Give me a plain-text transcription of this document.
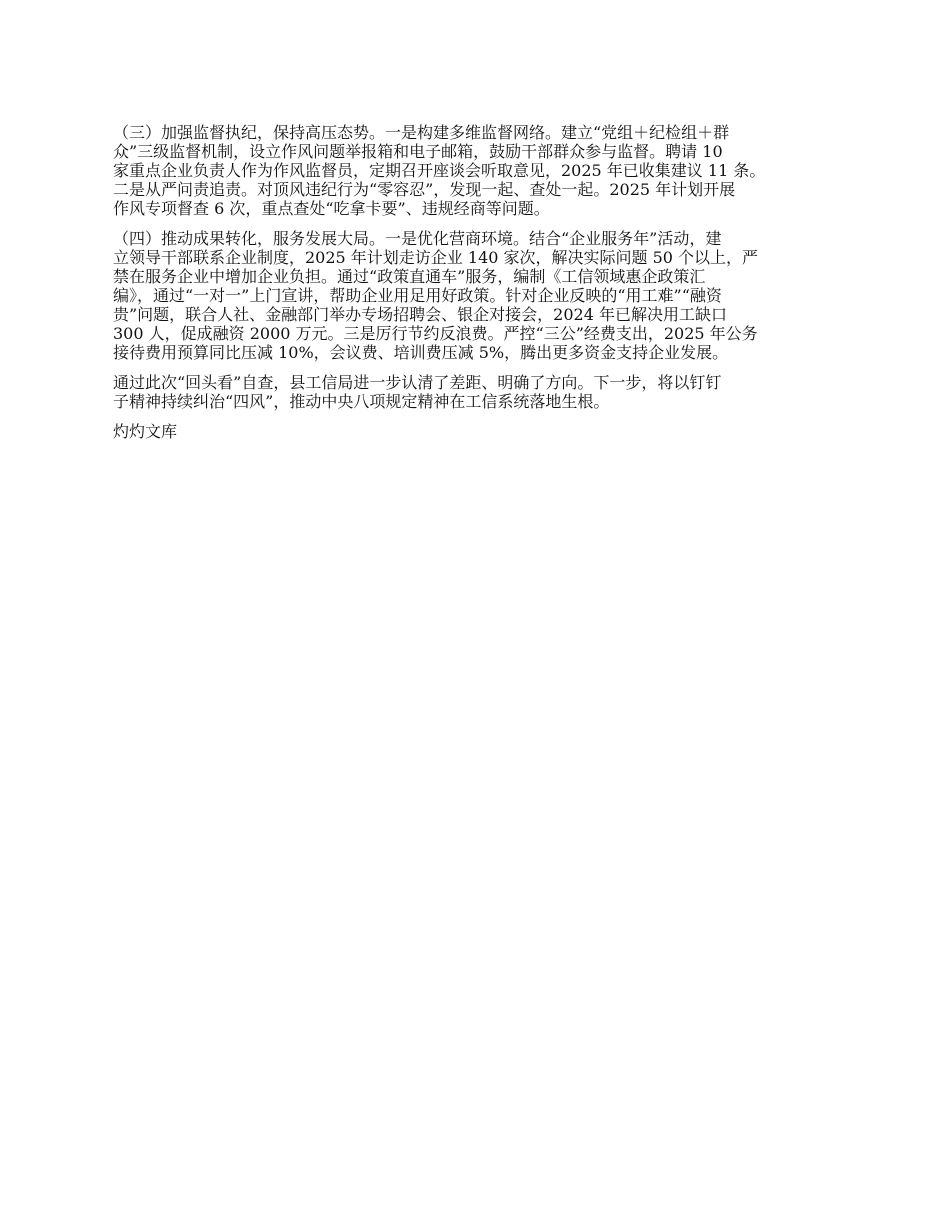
（三）加强监督执纪，保持高压态势。一是构建多维监督网络。建立“党组＋纪检组＋群
众”三级监督机制，设立作风问题举报箱和电子邮箱，鼓励干部群众参与监督。聘请 10
家重点企业负责人作为作风监督员，定期召开座谈会听取意见，2025 年已收集建议 11 条。
二是从严问责追责。对顶风违纪行为“零容忍”，发现一起、查处一起。2025 年计划开展
作风专项督查 6 次，重点查处“吃拿卡要”、违规经商等问题。

（四）推动成果转化，服务发展大局。一是优化营商环境。结合“企业服务年”活动，建
立领导干部联系企业制度，2025 年计划走访企业 140 家次，解决实际问题 50 个以上，严
禁在服务企业中增加企业负担。通过“政策直通车”服务，编制《工信领域惠企政策汇
编》，通过“一对一”上门宣讲，帮助企业用足用好政策。针对企业反映的“用工难”“融资
贵”问题，联合人社、金融部门举办专场招聘会、银企对接会，2024 年已解决用工缺口
300 人，促成融资 2000 万元。三是厉行节约反浪费。严控“三公”经费支出，2025 年公务
接待费用预算同比压减 10%，会议费、培训费压减 5%，腾出更多资金支持企业发展。

通过此次“回头看”自查，县工信局进一步认清了差距、明确了方向。下一步，将以钉钉
子精神持续纠治“四风”，推动中央八项规定精神在工信系统落地生根。

灼灼文库
